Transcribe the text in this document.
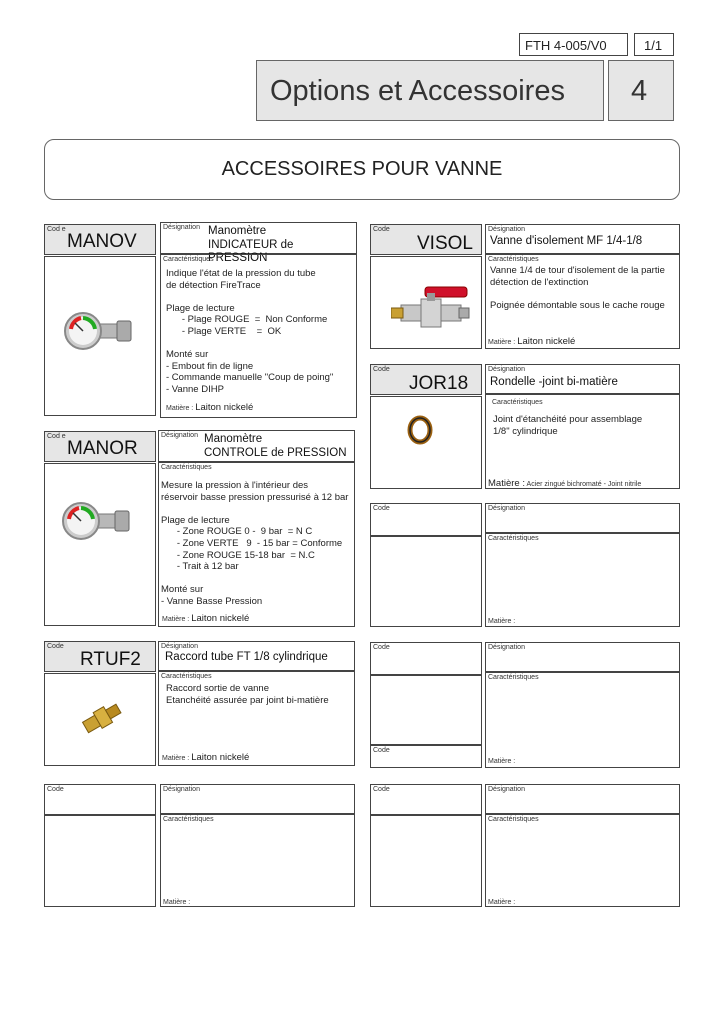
FTH 4-005/V0	1/1
Options et Accessoires 4
ACCESSOIRES POUR VANNE
Cod e
MANOV
Désignation Manomètre
INDICATEUR de PRESSION
Caractéristiques
Indique l'état de la pression du tube
de détection FireTrace

Plage de lecture
- Plage ROUGE  =  Non Conforme
- Plage VERTE    =  OK

Monté sur
- Embout fin de ligne
- Commande manuelle "Coup de poing"
- Vanne DIHP
Matière : Laiton nickelé
Cod e
MANOR
Désignation Manomètre
CONTROLE de PRESSION
Caractéristiques
Mesure la pression à l'intérieur des
réservoir basse pression pressurisé à 12 bar

Plage de lecture
- Zone ROUGE 0 -  9 bar  = N C
- Zone VERTE   9  - 15 bar = Conforme
- Zone ROUGE 15-18 bar  = N.C
- Trait à 12 bar

Monté sur
- Vanne Basse Pression
Matière : Laiton nickelé
Code
RTUF2
Désignation
Raccord tube FT 1/8 cylindrique
Caractéristiques
Raccord sortie de vanne
Etanchéité assurée par joint bi-matière
Matière : Laiton nickelé
Code	Désignation
Caractéristiques
Matière :
Code
VISOL
Désignation
Vanne d'isolement MF 1/4-1/8
Caractéristiques
Vanne 1/4 de tour d'isolement de la partie
détection de l'extinction

Poignée démontable sous le cache rouge
Matière : Laiton nickelé
Code
JOR18
Désignation
Rondelle -joint bi-matière
Caractéristiques
Joint d'étanchéité pour assemblage
1/8" cylindrique
Matière : Acier zingué bichromaté - Joint nitrile
Code	Désignation
Caractéristiques
Matière :
Code
Code
Désignation
Caractéristiques
Matière :
Code	Désignation
Caractéristiques
Matière :
